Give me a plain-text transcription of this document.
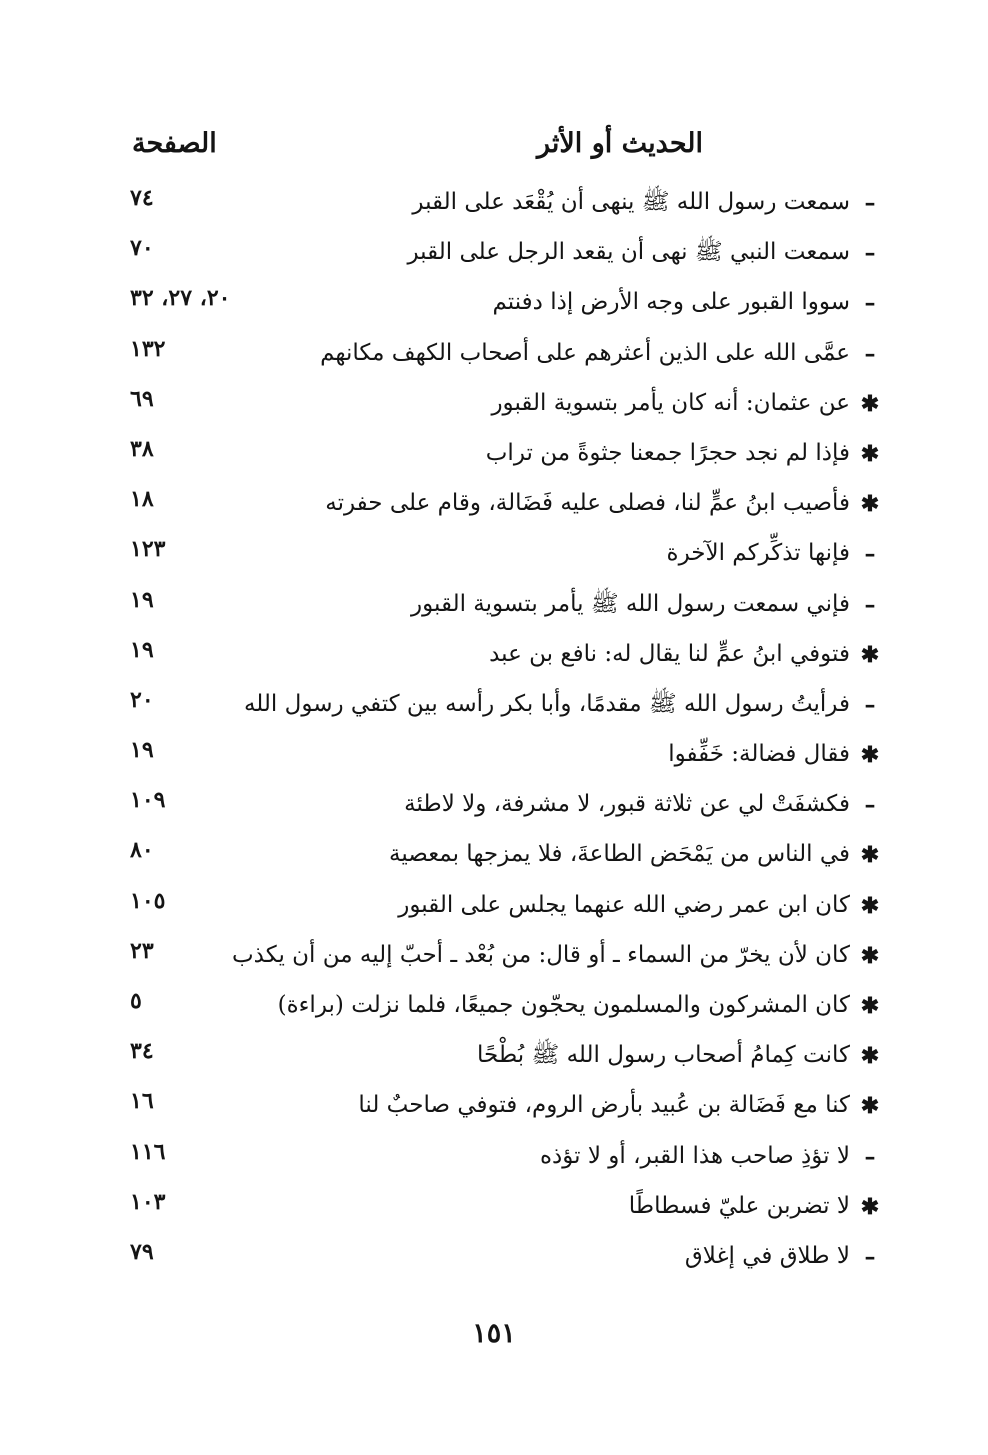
الحديث أو الأثر
الصفحة
–
سمعت رسول الله ﷺ ينهى أن يُقْعَد على القبر
٧٤
–
سمعت النبي ﷺ نهى أن يقعد الرجل على القبر
٧٠
–
سووا القبور على وجه الأرض إذا دفنتم
٢٠، ٢٧، ٣٢
–
عمَّى الله على الذين أعثرهم على أصحاب الكهف مكانهم
١٣٢
✱
عن عثمان: أنه كان يأمر بتسوية القبور
٦٩
✱
فإذا لم نجد حجرًا جمعنا جثوةً من تراب
٣٨
✱
فأصيب ابنُ عمٍّ لنا، فصلى عليه فَضَالة، وقام على حفرته
١٨
–
فإنها تذكِّركم الآخرة
١٢٣
–
فإني سمعت رسول الله ﷺ يأمر بتسوية القبور
١٩
✱
فتوفي ابنُ عمٍّ لنا يقال له: نافع بن عبد
١٩
–
فرأيتُ رسول الله ﷺ مقدمًا، وأبا بكر رأسه بين كتفي رسول الله
٢٠
✱
فقال فضالة: خَفِّفوا
١٩
–
فكشفَتْ لي عن ثلاثة قبور، لا مشرفة، ولا لاطئة
١٠٩
✱
في الناس من يَمْحَض الطاعةَ، فلا يمزجها بمعصية
٨٠
✱
كان ابن عمر رضي الله عنهما يجلس على القبور
١٠٥
✱
كان لأن يخرّ من السماء ـ أو قال: من بُعْد ـ أحبّ إليه من أن يكذب
٢٣
✱
كان المشركون والمسلمون يحجّون جميعًا، فلما نزلت (براءة)
٥
✱
كانت كِمامُ أصحاب رسول الله ﷺ بُطْحًا
٣٤
✱
كنا مع فَضَالة بن عُبيد بأرض الروم، فتوفي صاحبٌ لنا
١٦
–
لا تؤذِ صاحب هذا القبر، أو لا تؤذه
١١٦
✱
لا تضربن عليّ فسطاطًا
١٠٣
–
لا طلاق في إغلاق
٧٩
١٥١
